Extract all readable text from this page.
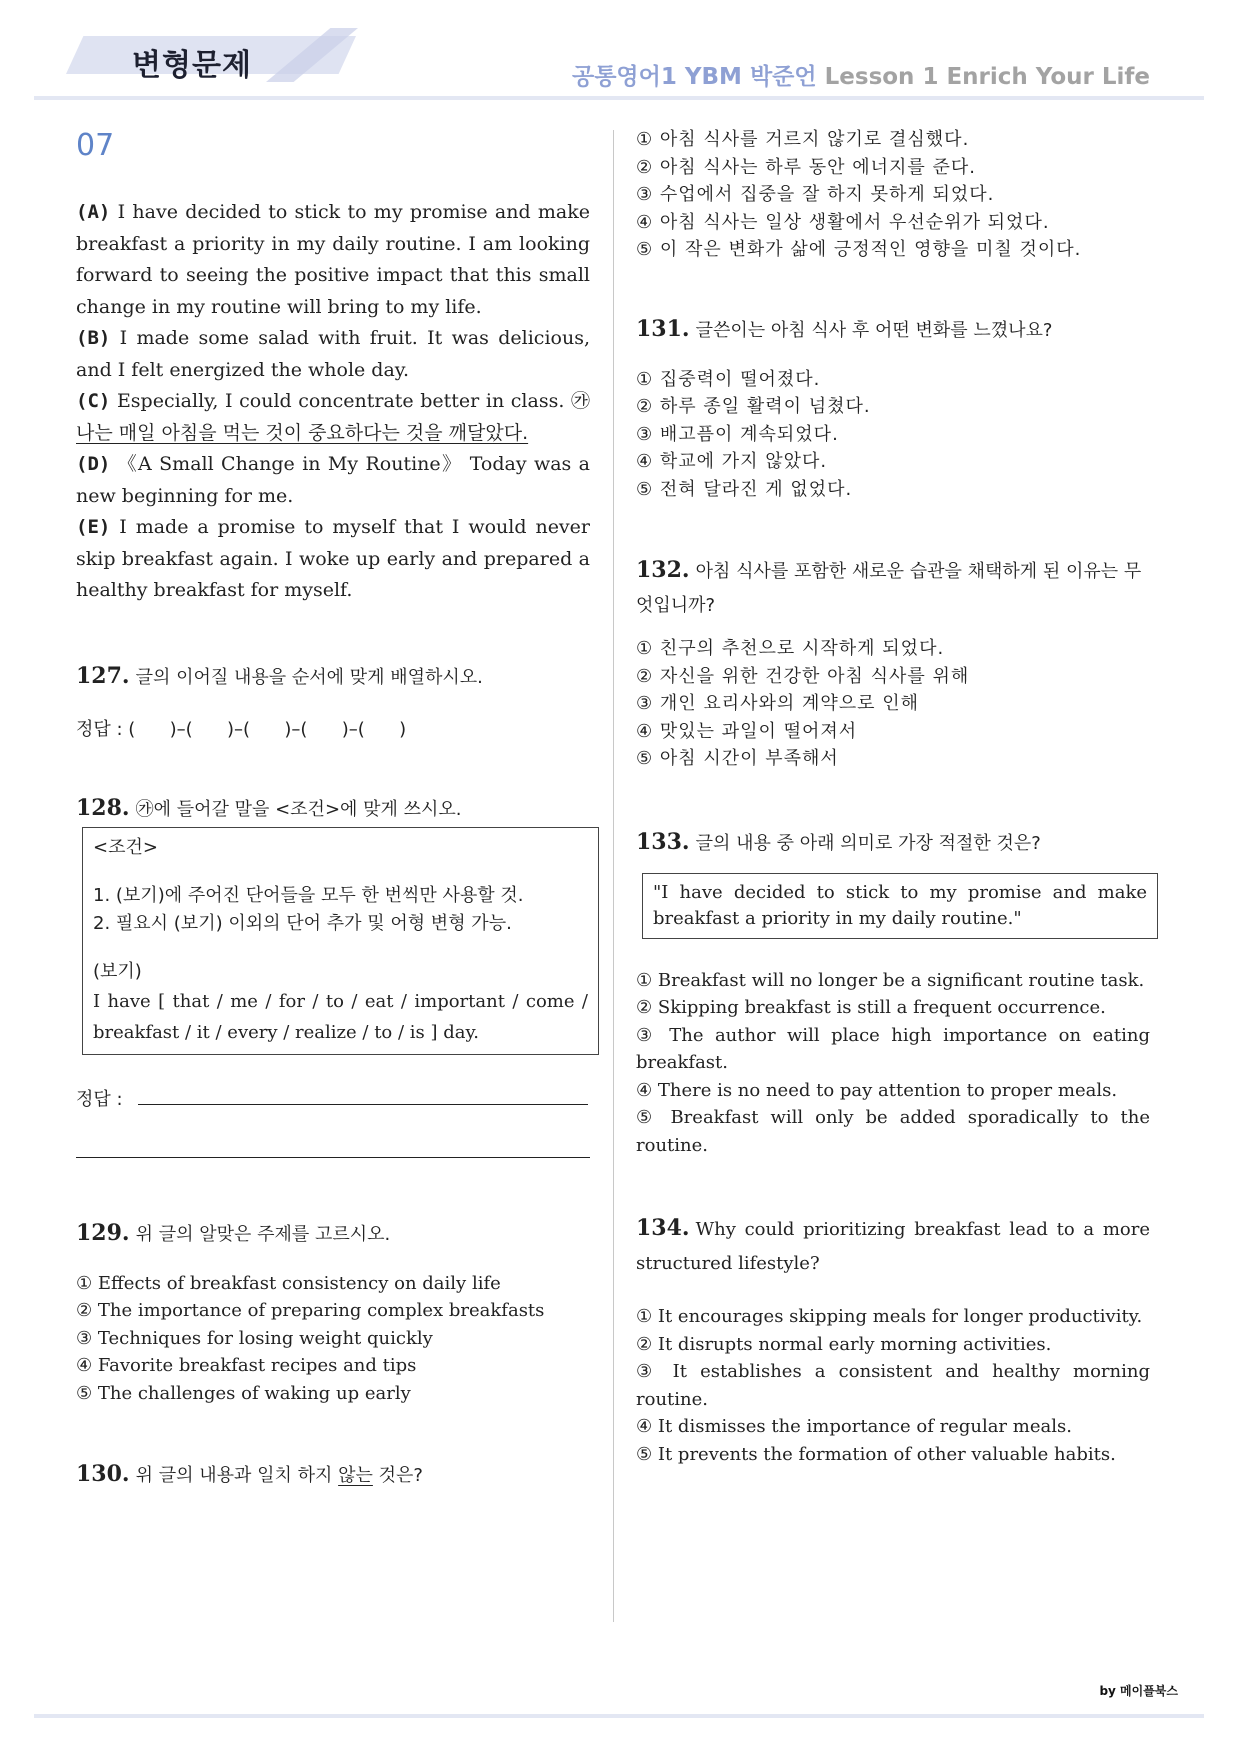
변형문제	공통영어1 YBM 박준언 Lesson 1 Enrich Your Life
07

(A) I have decided to stick to my promise and make breakfast a priority in my daily routine. I am looking forward to seeing the positive impact that this small change in my routine will bring to my life.

(B) I made some salad with fruit. It was delicious, and I felt energized the whole day.

(C) Especially, I could concentrate better in class. ㉮ 나는 매일 아침을 먹는 것이 중요하다는 것을 깨달았다.

(D) 《A Small Change in My Routine》 Today was a new beginning for me.

(E) I made a promise to myself that I would never skip breakfast again. I woke up early and prepared a healthy breakfast for myself.

127. 글의 이어질 내용을 순서에 맞게 배열하시오.

정답 : (      )–(      )–(      )–(      )–(      )

128. ㉮에 들어갈 말을 <조건>에 맞게 쓰시오.

<조건>
1. (보기)에 주어진 단어들을 모두 한 번씩만 사용할 것.
2. 필요시 (보기) 이외의 단어 추가 및 어형 변형 가능.
(보기)
I have [ that / me / for / to / eat / important / come / breakfast / it / every / realize / to / is ] day.
정답 :

129. 위 글의 알맞은 주제를 고르시오.

① Effects of breakfast consistency on daily life
② The importance of preparing complex breakfasts
③ Techniques for losing weight quickly
④ Favorite breakfast recipes and tips
⑤ The challenges of waking up early

130. 위 글의 내용과 일치 하지 않는 것은?

① 아침 식사를 거르지 않기로 결심했다.
② 아침 식사는 하루 동안 에너지를 준다.
③ 수업에서 집중을 잘 하지 못하게 되었다.
④ 아침 식사는 일상 생활에서 우선순위가 되었다.
⑤ 이 작은 변화가 삶에 긍정적인 영향을 미칠 것이다.

131. 글쓴이는 아침 식사 후 어떤 변화를 느꼈나요?

① 집중력이 떨어졌다.
② 하루 종일 활력이 넘쳤다.
③ 배고픔이 계속되었다.
④ 학교에 가지 않았다.
⑤ 전혀 달라진 게 없었다.

132. 아침 식사를 포함한 새로운 습관을 채택하게 된 이유는 무엇입니까?

① 친구의 추천으로 시작하게 되었다.
② 자신을 위한 건강한 아침 식사를 위해
③ 개인 요리사와의 계약으로 인해
④ 맛있는 과일이 떨어져서
⑤ 아침 시간이 부족해서

133. 글의 내용 중 아래 의미로 가장 적절한 것은?

"I have decided to stick to my promise and make breakfast a priority in my daily routine."
① Breakfast will no longer be a significant routine task.
② Skipping breakfast is still a frequent occurrence.
③ The author will place high importance on eating breakfast.
④ There is no need to pay attention to proper meals.
⑤ Breakfast will only be added sporadically to the routine.

134. Why could prioritizing breakfast lead to a more structured lifestyle?

① It encourages skipping meals for longer productivity.
② It disrupts normal early morning activities.
③ It establishes a consistent and healthy morning routine.
④ It dismisses the importance of regular meals.
⑤ It prevents the formation of other valuable habits.
by 메이플북스
